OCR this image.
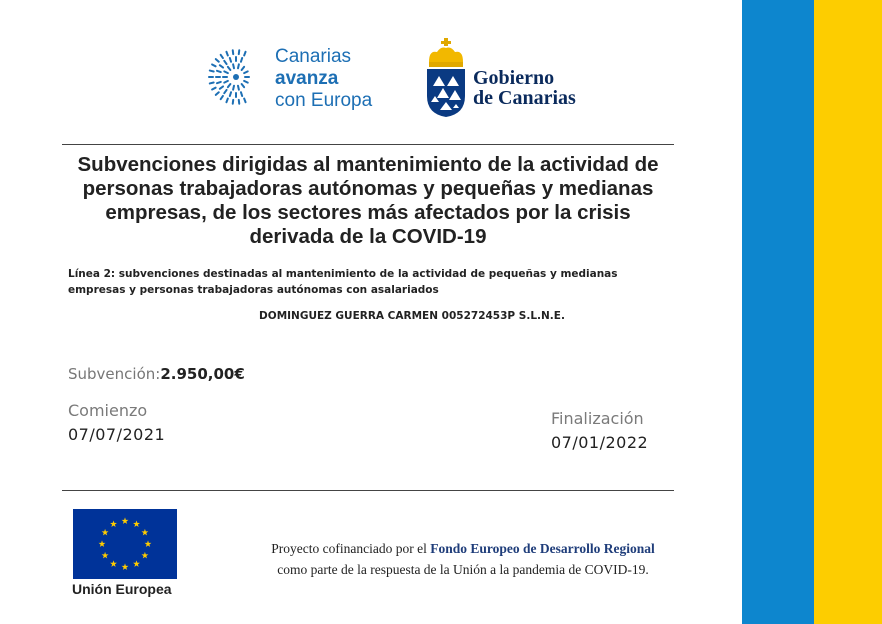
Canarias
avanza
con Europa
Gobierno
de Canarias
Subvenciones dirigidas al mantenimiento de la actividad de personas trabajadoras autónomas y pequeñas y medianas empresas, de los sectores más afectados por la crisis derivada de la COVID-19
Línea 2: subvenciones destinadas al mantenimiento de la actividad de pequeñas y medianas empresas y personas trabajadoras autónomas con asalariados
DOMINGUEZ GUERRA CARMEN 005272453P S.L.N.E.
Subvención:2.950,00€
Comienzo
07/07/2021
Finalización
07/01/2022
Unión Europea
Proyecto cofinanciado por el Fondo Europeo de Desarrollo Regional
como parte de la respuesta de la Unión a la pandemia de COVID-19.
